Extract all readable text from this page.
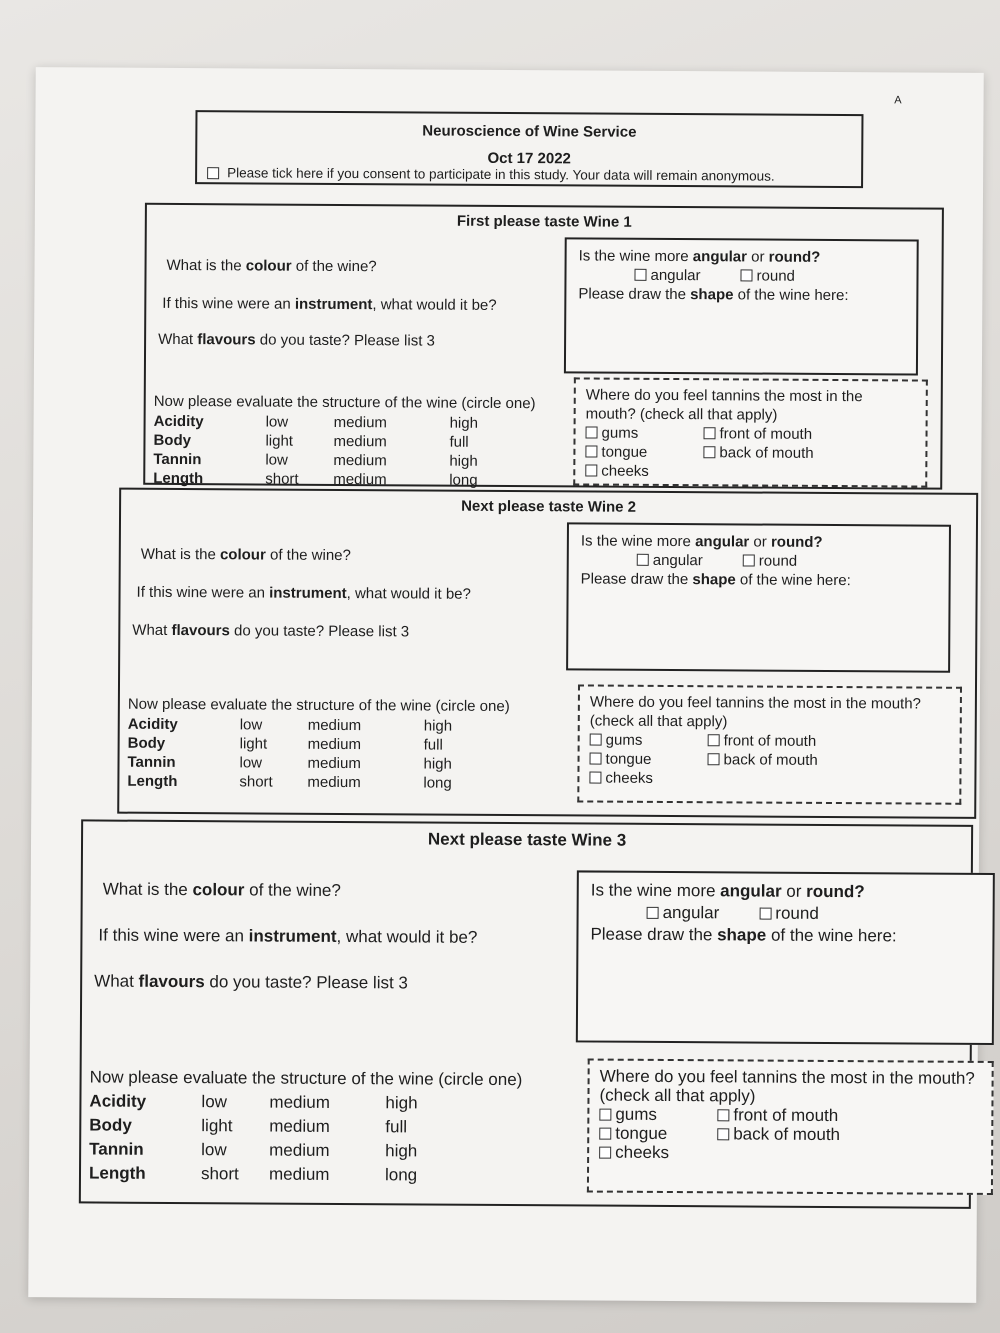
A
Neuroscience of Wine Service
Oct 17 2022
Please tick here if you consent to participate in this study. Your data will remain anonymous.
First please taste Wine 1
What is the colour of the wine?
If this wine were an instrument, what would it be?
What flavours do you taste? Please list 3
Is the wine more angular or round?
angular	round
Please draw the shape of the wine here:
Now please evaluate the structure of the wine (circle one)
Acidity	low	medium	high
Body	light	medium	full
Tannin	low	medium	high
Length	short	medium	long
Where do you feel tannins the most in the mouth? (check all that apply)
gums	front of mouth
tongue	back of mouth
cheeks
Next please taste Wine 2
What is the colour of the wine?
If this wine were an instrument, what would it be?
What flavours do you taste? Please list 3
Is the wine more angular or round?
angular	round
Please draw the shape of the wine here:
Now please evaluate the structure of the wine (circle one)
Acidity	low	medium	high
Body	light	medium	full
Tannin	low	medium	high
Length	short	medium	long
Where do you feel tannins the most in the mouth? (check all that apply)
gums	front of mouth
tongue	back of mouth
cheeks
Next please taste Wine 3
What is the colour of the wine?
If this wine were an instrument, what would it be?
What flavours do you taste? Please list 3
Is the wine more angular or round?
angular	round
Please draw the shape of the wine here:
Now please evaluate the structure of the wine (circle one)
Acidity	low	medium	high
Body	light	medium	full
Tannin	low	medium	high
Length	short	medium	long
Where do you feel tannins the most in the mouth? (check all that apply)
gums	front of mouth
tongue	back of mouth
cheeks
